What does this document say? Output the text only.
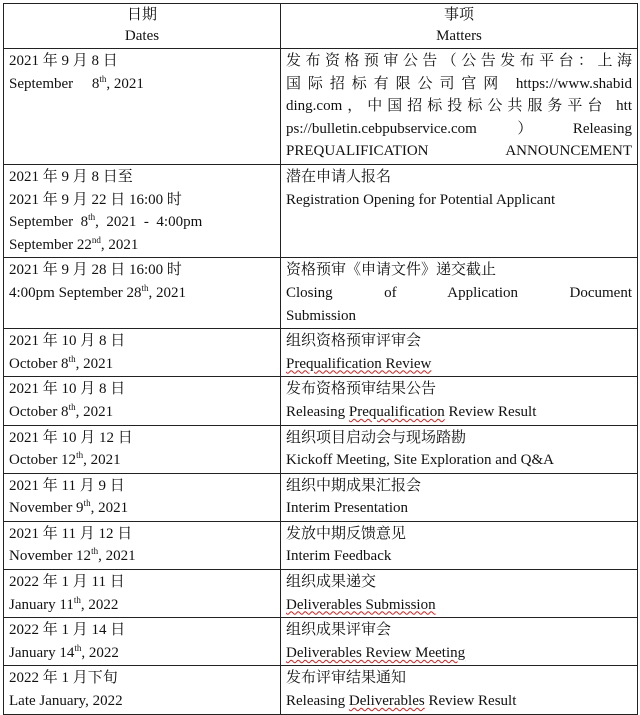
日期
Dates	事项
Matters

2021 年 9 月 8 日
September 8th, 2021	发布资格预审公告（公告发布平台：上海
国际招标有限公司官网 https://www.shabid
ding.com，中国招标投标公共服务平台 htt
ps://bulletin.cebpubservice.com）Releasing
PREQUALIFICATION ANNOUNCEMENT

2021 年 9 月 8 日至
2021 年 9 月 22 日 16:00 时
September 8th,  2021  -  4:00pm
September 22nd, 2021	潜在申请人报名
Registration Opening for Potential Applicant

2021 年 9 月 28 日 16:00 时
4:00pm September 28th, 2021	资格预审《申请文件》递交截止
Closing of Application Document
Submission

2021 年 10 月 8 日
October 8th, 2021	组织资格预审评审会
Prequalification Review

2021 年 10 月 8 日
October 8th, 2021	发布资格预审结果公告
Releasing Prequalification Review Result

2021 年 10 月 12 日
October 12th, 2021	组织项目启动会与现场踏勘
Kickoff Meeting, Site Exploration and Q&A

2021 年 11 月 9 日
November 9th, 2021	组织中期成果汇报会
Interim Presentation

2021 年 11 月 12 日
November 12th, 2021	发放中期反馈意见
Interim Feedback

2022 年 1 月 11 日
January 11th, 2022	组织成果递交
Deliverables Submission

2022 年 1 月 14 日
January 14th, 2022	组织成果评审会
Deliverables Review Meeting

2022 年 1 月下旬
Late January, 2022	发布评审结果通知
Releasing Deliverables Review Result
